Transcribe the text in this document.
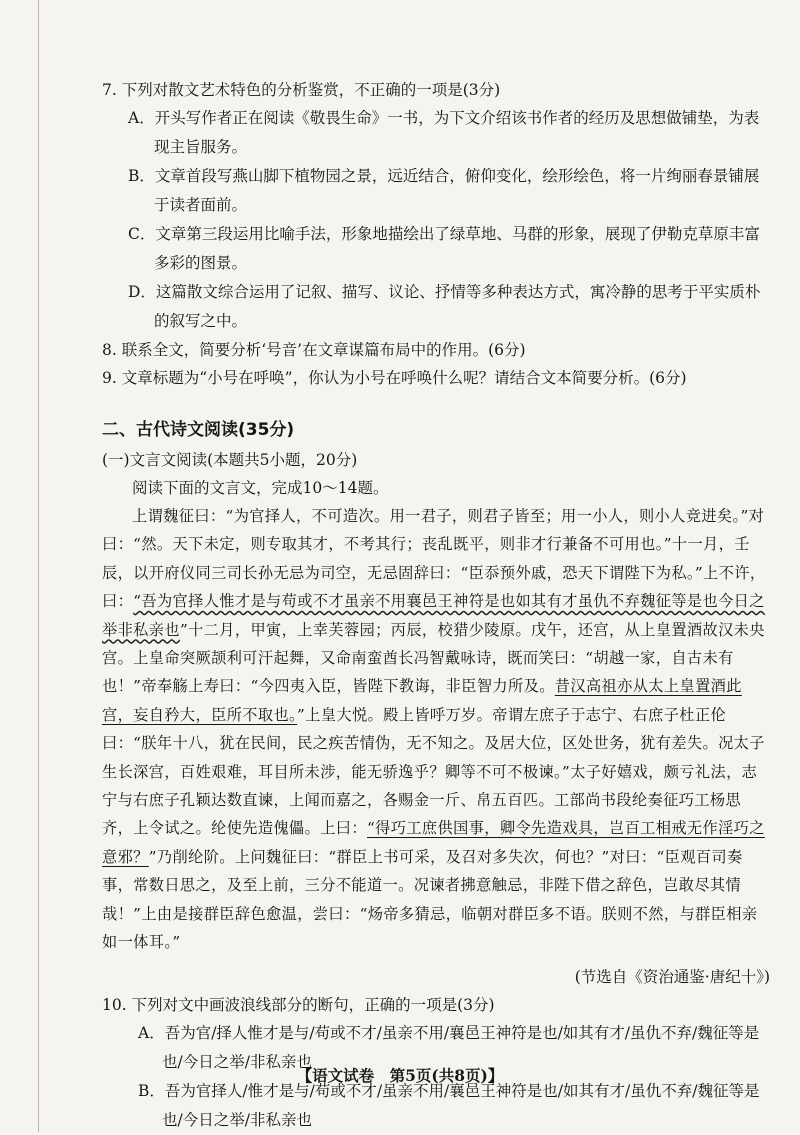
7. 下列对散文艺术特色的分析鉴赏，不正确的一项是(3分)

A．开头写作者正在阅读《敬畏生命》一书，为下文介绍该书作者的经历及思想做铺垫，为表现主旨服务。

B．文章首段写燕山脚下植物园之景，远近结合，俯仰变化，绘形绘色，将一片绚丽春景铺展于读者面前。

C．文章第三段运用比喻手法，形象地描绘出了绿草地、马群的形象，展现了伊勒克草原丰富多彩的图景。

D．这篇散文综合运用了记叙、描写、议论、抒情等多种表达方式，寓冷静的思考于平实质朴的叙写之中。

8. 联系全文，简要分析‘号音’在文章谋篇布局中的作用。(6分)

9. 文章标题为“小号在呼唤”，你认为小号在呼唤什么呢？请结合文本简要分析。(6分)

二、古代诗文阅读(35分)

(一)文言文阅读(本题共5小题，20分)

阅读下面的文言文，完成10～14题。

上谓魏征曰：“为官择人，不可造次。用一君子，则君子皆至；用一小人，则小人竞进矣。”对曰：“然。天下未定，则专取其才，不考其行；丧乱既平，则非才行兼备不可用也。”十一月，壬辰，以开府仪同三司长孙无忌为司空，无忌固辞曰：“臣忝预外戚，恐天下谓陛下为私。”上不许，曰：“吾为官择人惟才是与苟或不才虽亲不用襄邑王神符是也如其有才虽仇不弃魏征等是也今日之举非私亲也”十二月，甲寅，上幸芙蓉园；丙辰，校猎少陵原。戊午，还宫，从上皇置酒故汉未央宫。上皇命突厥颉利可汗起舞，又命南蛮酋长冯智戴咏诗，既而笑曰：“胡越一家，自古未有也！”帝奉觞上寿曰：“今四夷入臣，皆陛下教诲，非臣智力所及。昔汉高祖亦从太上皇置酒此宫，妄自矜大，臣所不取也。”上皇大悦。殿上皆呼万岁。帝谓左庶子于志宁、右庶子杜正伦曰：“朕年十八，犹在民间，民之疾苦情伪，无不知之。及居大位，区处世务，犹有差失。况太子生长深宫，百姓艰难，耳目所未涉，能无骄逸乎？卿等不可不极谏。”太子好嬉戏，颇亏礼法，志宁与右庶子孔颖达数直谏，上闻而嘉之，各赐金一斤、帛五百匹。工部尚书段纶奏征巧工杨思齐，上令试之。纶使先造傀儡。上曰：“得巧工庶供国事，卿令先造戏具，岂百工相戒无作淫巧之意邪？”乃削纶阶。上问魏征曰：“群臣上书可采，及召对多失次，何也？”对曰：“臣观百司奏事，常数日思之，及至上前，三分不能道一。况谏者拂意触忌，非陛下借之辞色，岂敢尽其情哉！”上由是接群臣辞色愈温，尝曰：“炀帝多猜忌，临朝对群臣多不语。朕则不然，与群臣相亲如一体耳。”

(节选自《资治通鉴·唐纪十》)

10. 下列对文中画波浪线部分的断句，正确的一项是(3分)

A．吾为官/择人惟才是与/苟或不才/虽亲不用/襄邑王神符是也/如其有才/虽仇不弃/魏征等是也/今日之举/非私亲也

B．吾为官择人/惟才是与/苟或不才/虽亲不用/襄邑王神符是也/如其有才/虽仇不弃/魏征等是也/今日之举/非私亲也

【语文试卷　第5页(共8页)】
